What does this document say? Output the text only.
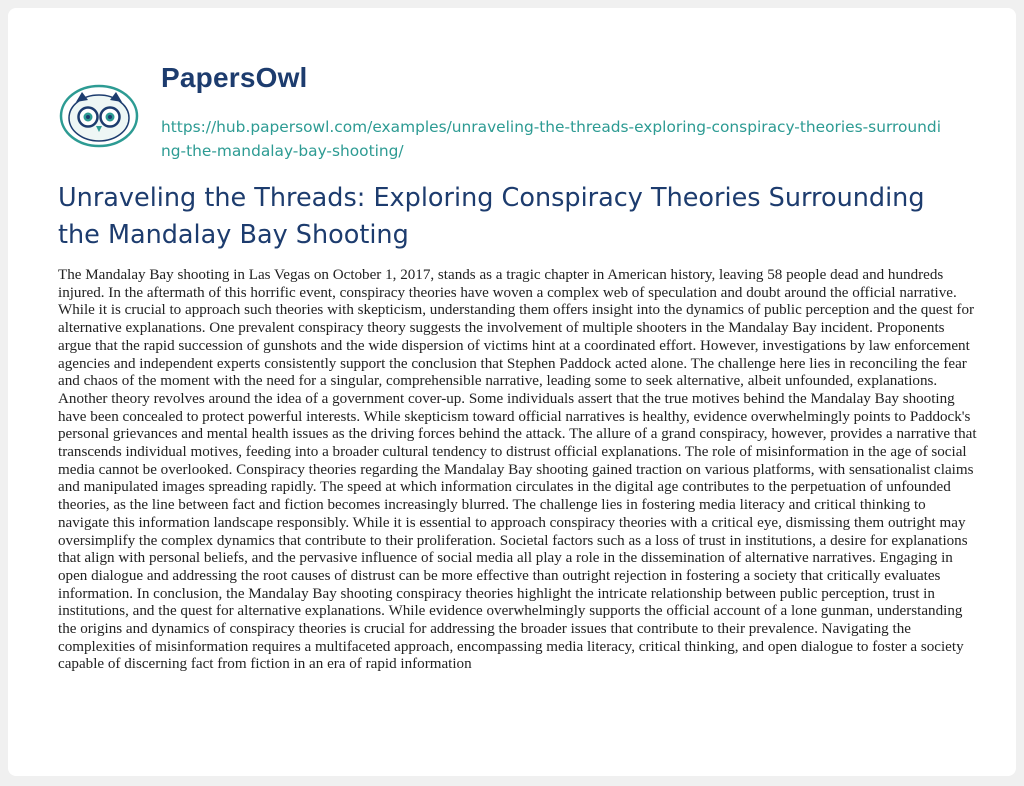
PapersOwl
https://hub.papersowl.com/examples/unraveling-the-threads-exploring-conspiracy-theories-surrounding-the-mandalay-bay-shooting/
Unraveling the Threads: Exploring Conspiracy Theories Surrounding the Mandalay Bay Shooting

The Mandalay Bay shooting in Las Vegas on October 1, 2017, stands as a tragic chapter in American history, leaving 58 people dead and hundreds injured. In the aftermath of this horrific event, conspiracy theories have woven a complex web of speculation and doubt around the official narrative. While it is crucial to approach such theories with skepticism, understanding them offers insight into the dynamics of public perception and the quest for alternative explanations. One prevalent conspiracy theory suggests the involvement of multiple shooters in the Mandalay Bay incident. Proponents argue that the rapid succession of gunshots and the wide dispersion of victims hint at a coordinated effort. However, investigations by law enforcement agencies and independent experts consistently support the conclusion that Stephen Paddock acted alone. The challenge here lies in reconciling the fear and chaos of the moment with the need for a singular, comprehensible narrative, leading some to seek alternative, albeit unfounded, explanations. Another theory revolves around the idea of a government cover-up. Some individuals assert that the true motives behind the Mandalay Bay shooting have been concealed to protect powerful interests. While skepticism toward official narratives is healthy, evidence overwhelmingly points to Paddock's personal grievances and mental health issues as the driving forces behind the attack. The allure of a grand conspiracy, however, provides a narrative that transcends individual motives, feeding into a broader cultural tendency to distrust official explanations. The role of misinformation in the age of social media cannot be overlooked. Conspiracy theories regarding the Mandalay Bay shooting gained traction on various platforms, with sensationalist claims and manipulated images spreading rapidly. The speed at which information circulates in the digital age contributes to the perpetuation of unfounded theories, as the line between fact and fiction becomes increasingly blurred. The challenge lies in fostering media literacy and critical thinking to navigate this information landscape responsibly. While it is essential to approach conspiracy theories with a critical eye, dismissing them outright may oversimplify the complex dynamics that contribute to their proliferation. Societal factors such as a loss of trust in institutions, a desire for explanations that align with personal beliefs, and the pervasive influence of social media all play a role in the dissemination of alternative narratives. Engaging in open dialogue and addressing the root causes of distrust can be more effective than outright rejection in fostering a society that critically evaluates information. In conclusion, the Mandalay Bay shooting conspiracy theories highlight the intricate relationship between public perception, trust in institutions, and the quest for alternative explanations. While evidence overwhelmingly supports the official account of a lone gunman, understanding the origins and dynamics of conspiracy theories is crucial for addressing the broader issues that contribute to their prevalence. Navigating the complexities of misinformation requires a multifaceted approach, encompassing media literacy, critical thinking, and open dialogue to foster a society capable of discerning fact from fiction in an era of rapid information
